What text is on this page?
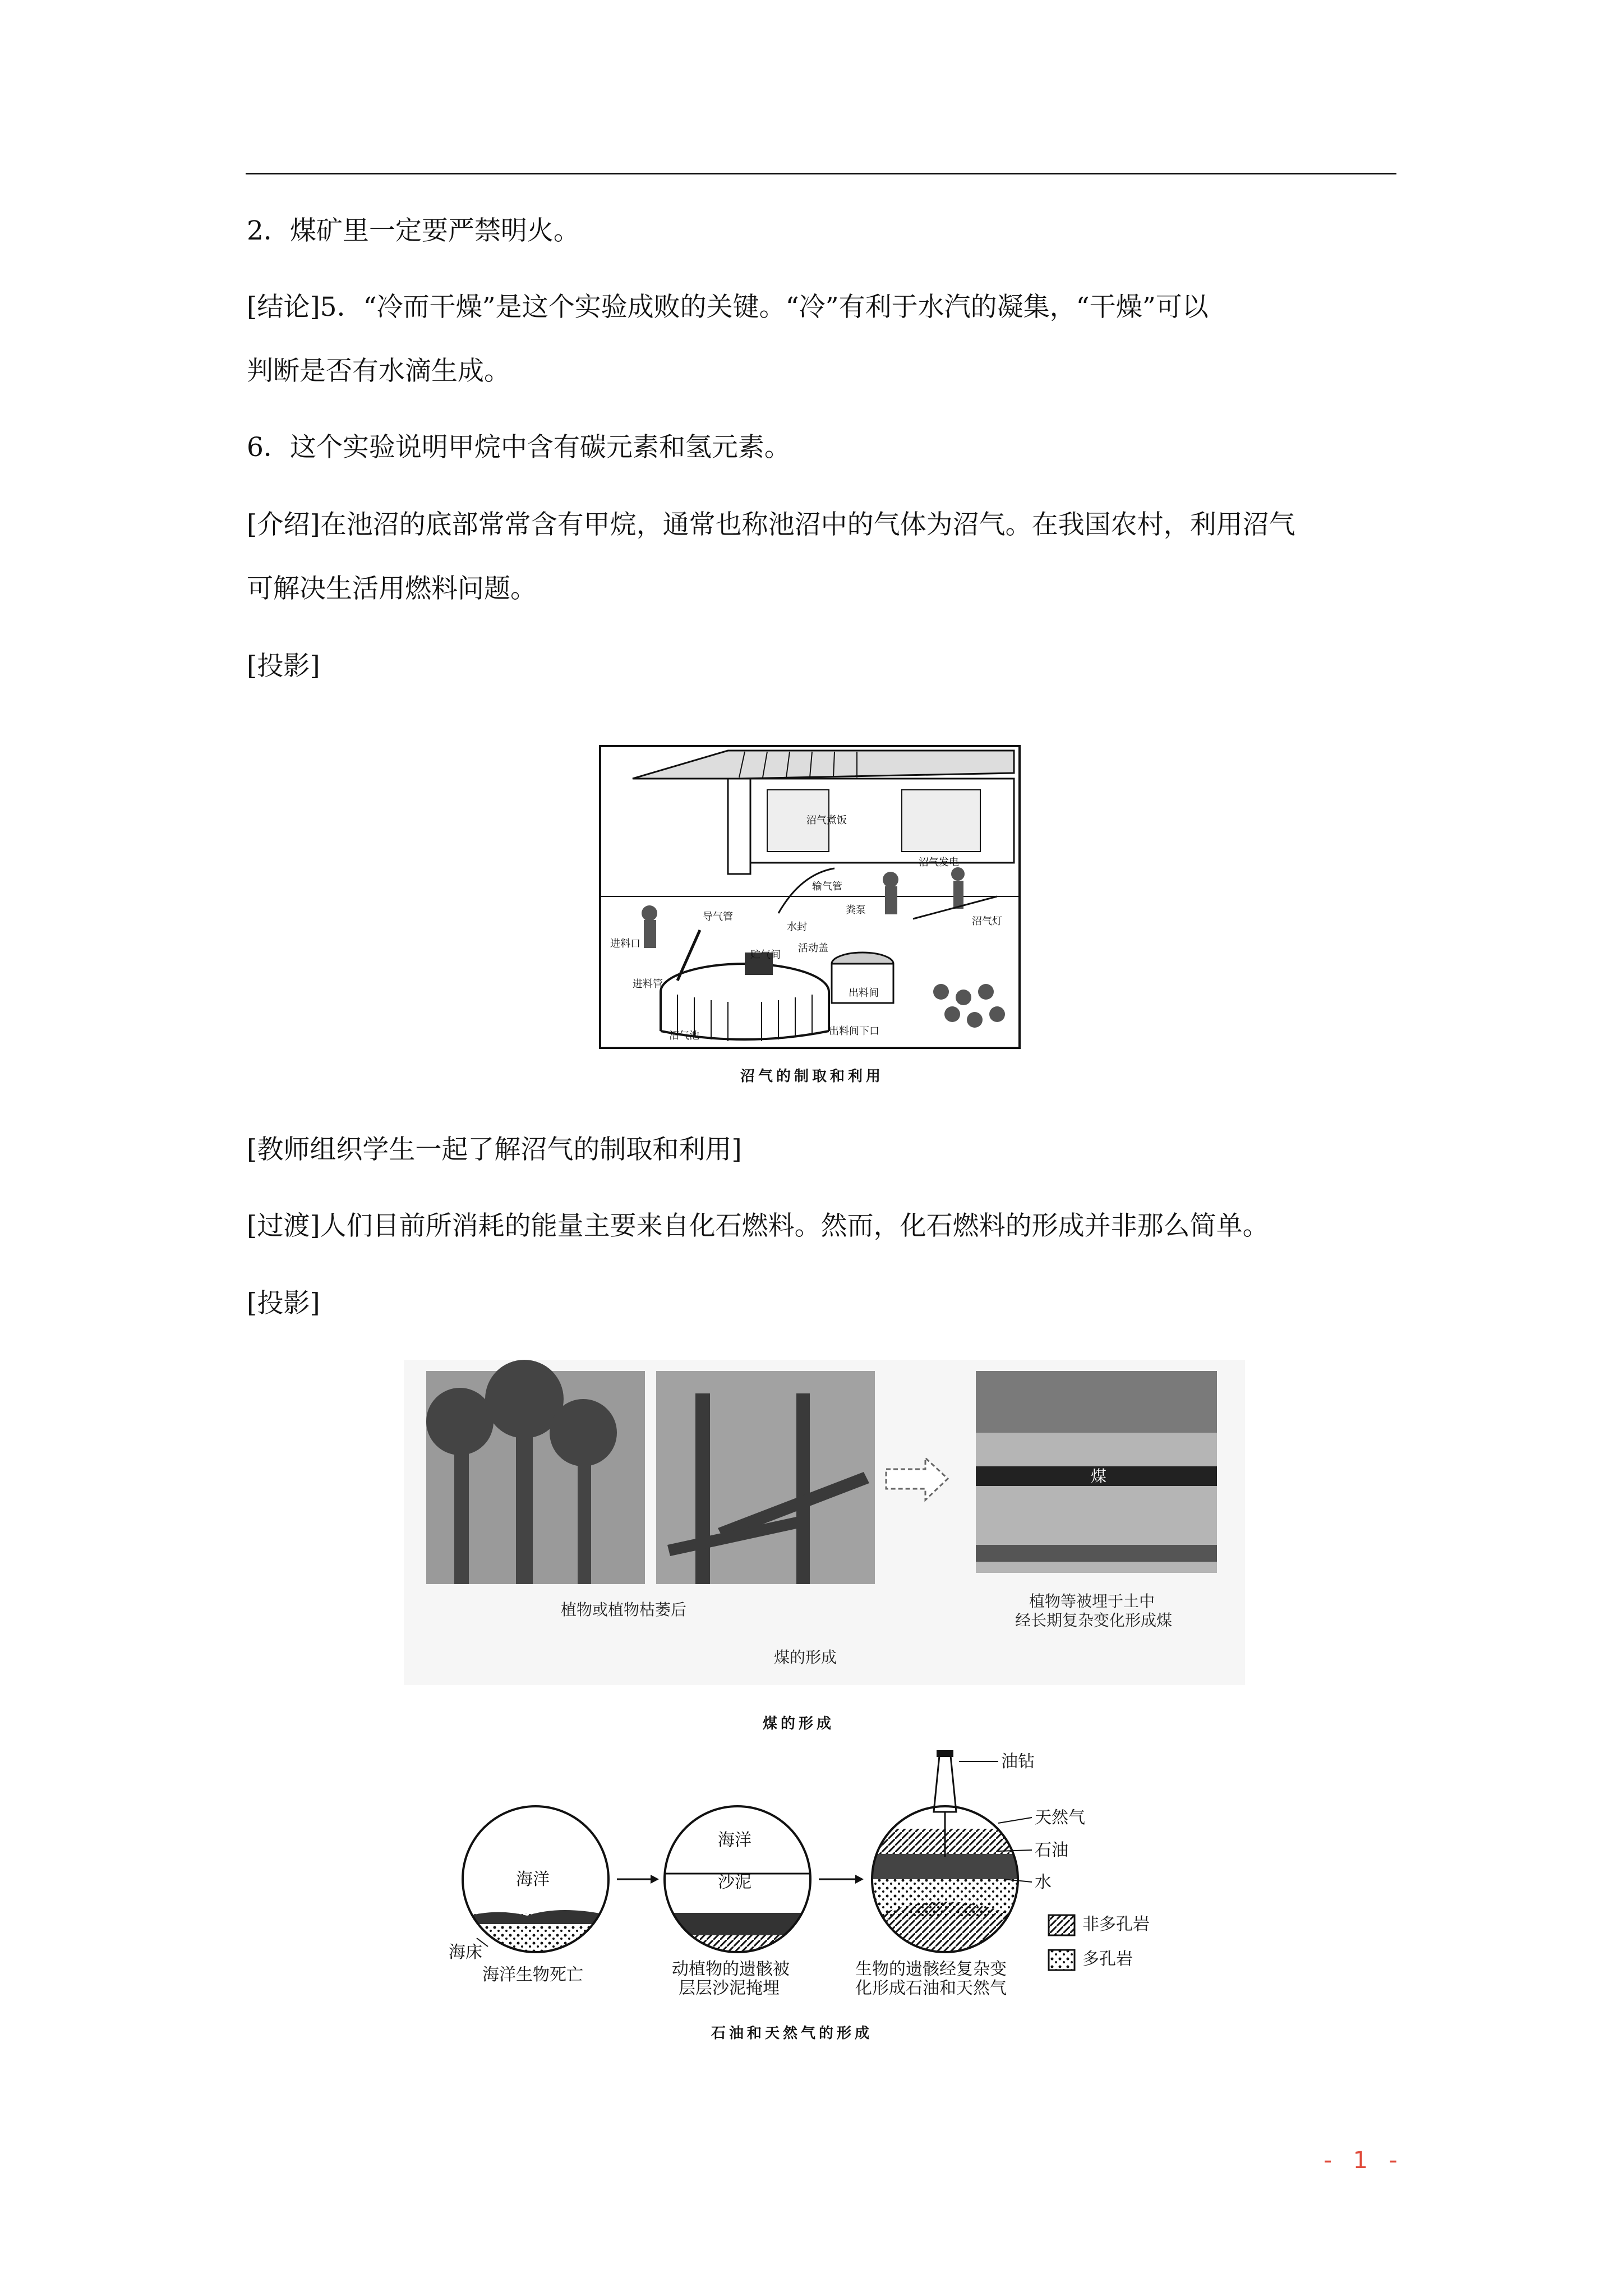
2．煤矿里一定要严禁明火。
[结论]5．“冷而干燥”是这个实验成败的关键。“冷”有利于水汽的凝集，“干燥”可以
判断是否有水滴生成。
6．这个实验说明甲烷中含有碳元素和氢元素。
[介绍]在池沼的底部常常含有甲烷，通常也称池沼中的气体为沼气。在我国农村，利用沼气
可解决生活用燃料问题。
[投影]
沼气煮饭
沼气发电
输气管
导气管
水封
粪泵
沼气灯
进料口
贮气间
活动盖
出料间
进料管
沼气池	出料间下口
沼气的制取和利用
[教师组织学生一起了解沼气的制取和利用]
[过渡]人们目前所消耗的能量主要来自化石燃料。然而，化石燃料的形成并非那么简单。
[投影]
煤
植物或植物枯萎后	植物等被埋于土中
经长期复杂变化形成煤
煤的形成
煤的形成
海洋
海床
海洋生物死亡
海洋
沙泥
动植物的遗骸被
层层沙泥掩埋
油钻
天然气
石油
水
生物的遗骸经复杂变
化形成石油和天然气
非多孔岩
多孔岩
石油和天然气的形成
- 1 -
